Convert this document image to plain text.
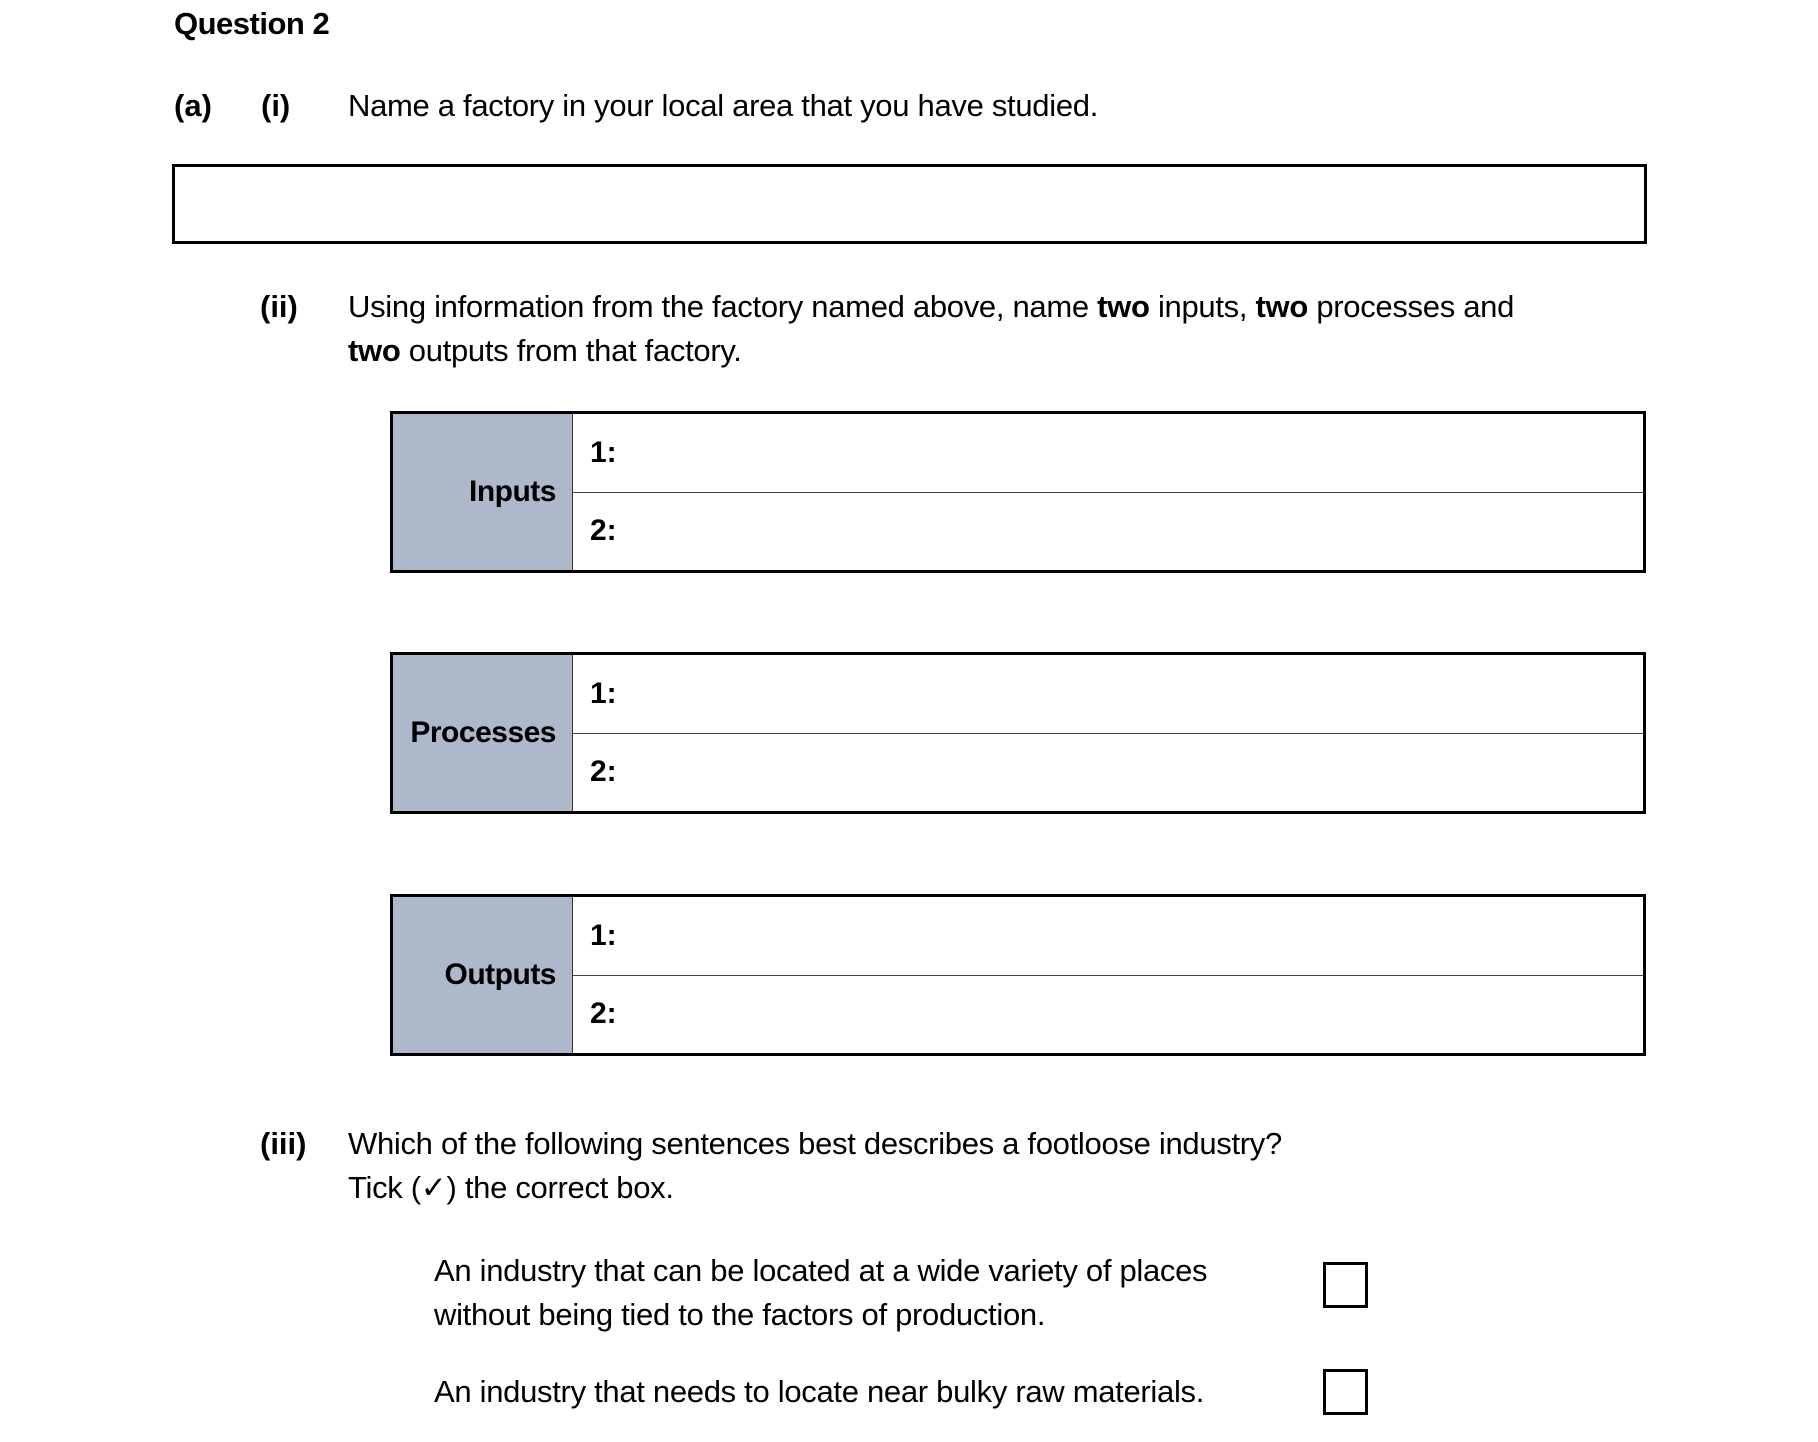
Question 2
(a) (i) Name a factory in your local area that you have studied.
(ii) Using information from the factory named above, name two inputs, two processes and
two outputs from that factory.
Inputs
1:
2:
Processes
1:
2:
Outputs
1:
2:
(iii) Which of the following sentences best describes a footloose industry?
Tick (✓) the correct box.
An industry that can be located at a wide variety of places
without being tied to the factors of production.
An industry that needs to locate near bulky raw materials.
